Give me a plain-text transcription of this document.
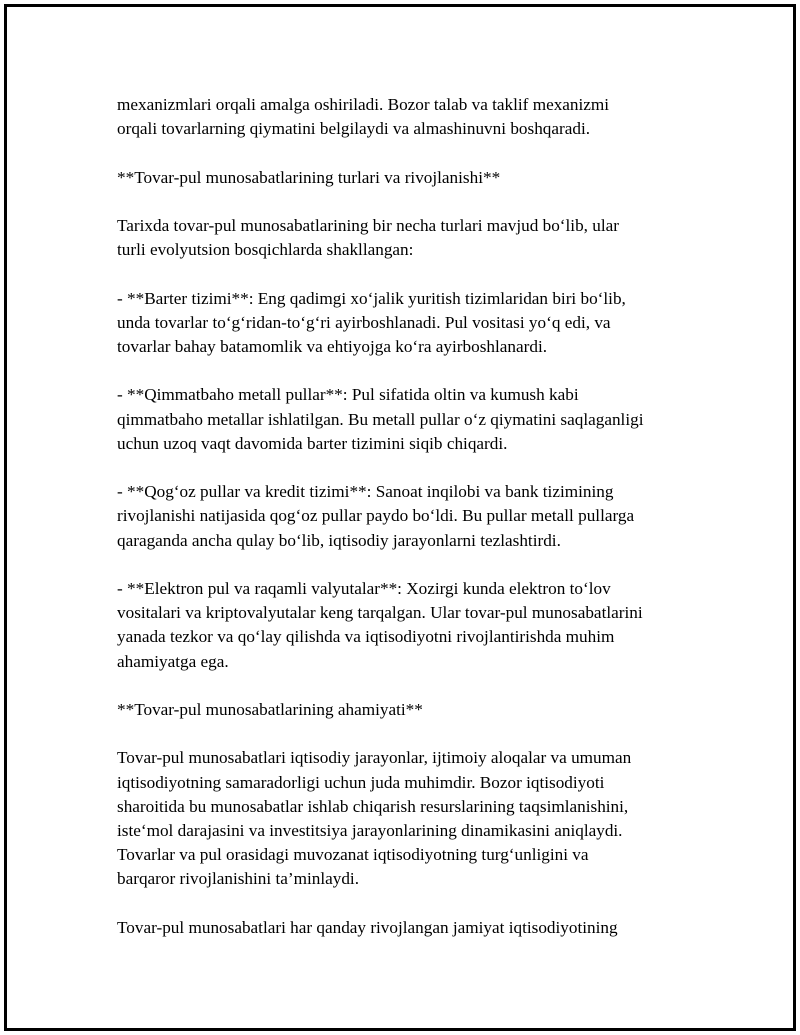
mexanizmlari orqali amalga oshiriladi. Bozor talab va taklif mexanizmi
orqali tovarlarning qiymatini belgilaydi va almashinuvni boshqaradi.

**Tovar-pul munosabatlarining turlari va rivojlanishi**

Tarixda tovar-pul munosabatlarining bir necha turlari mavjud bo‘lib, ular
turli evolyutsion bosqichlarda shakllangan:

- **Barter tizimi**: Eng qadimgi xo‘jalik yuritish tizimlaridan biri bo‘lib,
unda tovarlar to‘g‘ridan-to‘g‘ri ayirboshlanadi. Pul vositasi yo‘q edi, va
tovarlar bahay batamomlik va ehtiyojga ko‘ra ayirboshlanardi.

- **Qimmatbaho metall pullar**: Pul sifatida oltin va kumush kabi
qimmatbaho metallar ishlatilgan. Bu metall pullar o‘z qiymatini saqlaganligi
uchun uzoq vaqt davomida barter tizimini siqib chiqardi.

- **Qog‘oz pullar va kredit tizimi**: Sanoat inqilobi va bank tizimining
rivojlanishi natijasida qog‘oz pullar paydo bo‘ldi. Bu pullar metall pullarga
qaraganda ancha qulay bo‘lib, iqtisodiy jarayonlarni tezlashtirdi.

- **Elektron pul va raqamli valyutalar**: Xozirgi kunda elektron to‘lov
vositalari va kriptovalyutalar keng tarqalgan. Ular tovar-pul munosabatlarini
yanada tezkor va qo‘lay qilishda va iqtisodiyotni rivojlantirishda muhim
ahamiyatga ega.

**Tovar-pul munosabatlarining ahamiyati**

Tovar-pul munosabatlari iqtisodiy jarayonlar, ijtimoiy aloqalar va umuman
iqtisodiyotning samaradorligi uchun juda muhimdir. Bozor iqtisodiyoti
sharoitida bu munosabatlar ishlab chiqarish resurslarining taqsimlanishini,
iste‘mol darajasini va investitsiya jarayonlarining dinamikasini aniqlaydi.
Tovarlar va pul orasidagi muvozanat iqtisodiyotning turg‘unligini va
barqaror rivojlanishini ta’minlaydi.

Tovar-pul munosabatlari har qanday rivojlangan jamiyat iqtisodiyotining
